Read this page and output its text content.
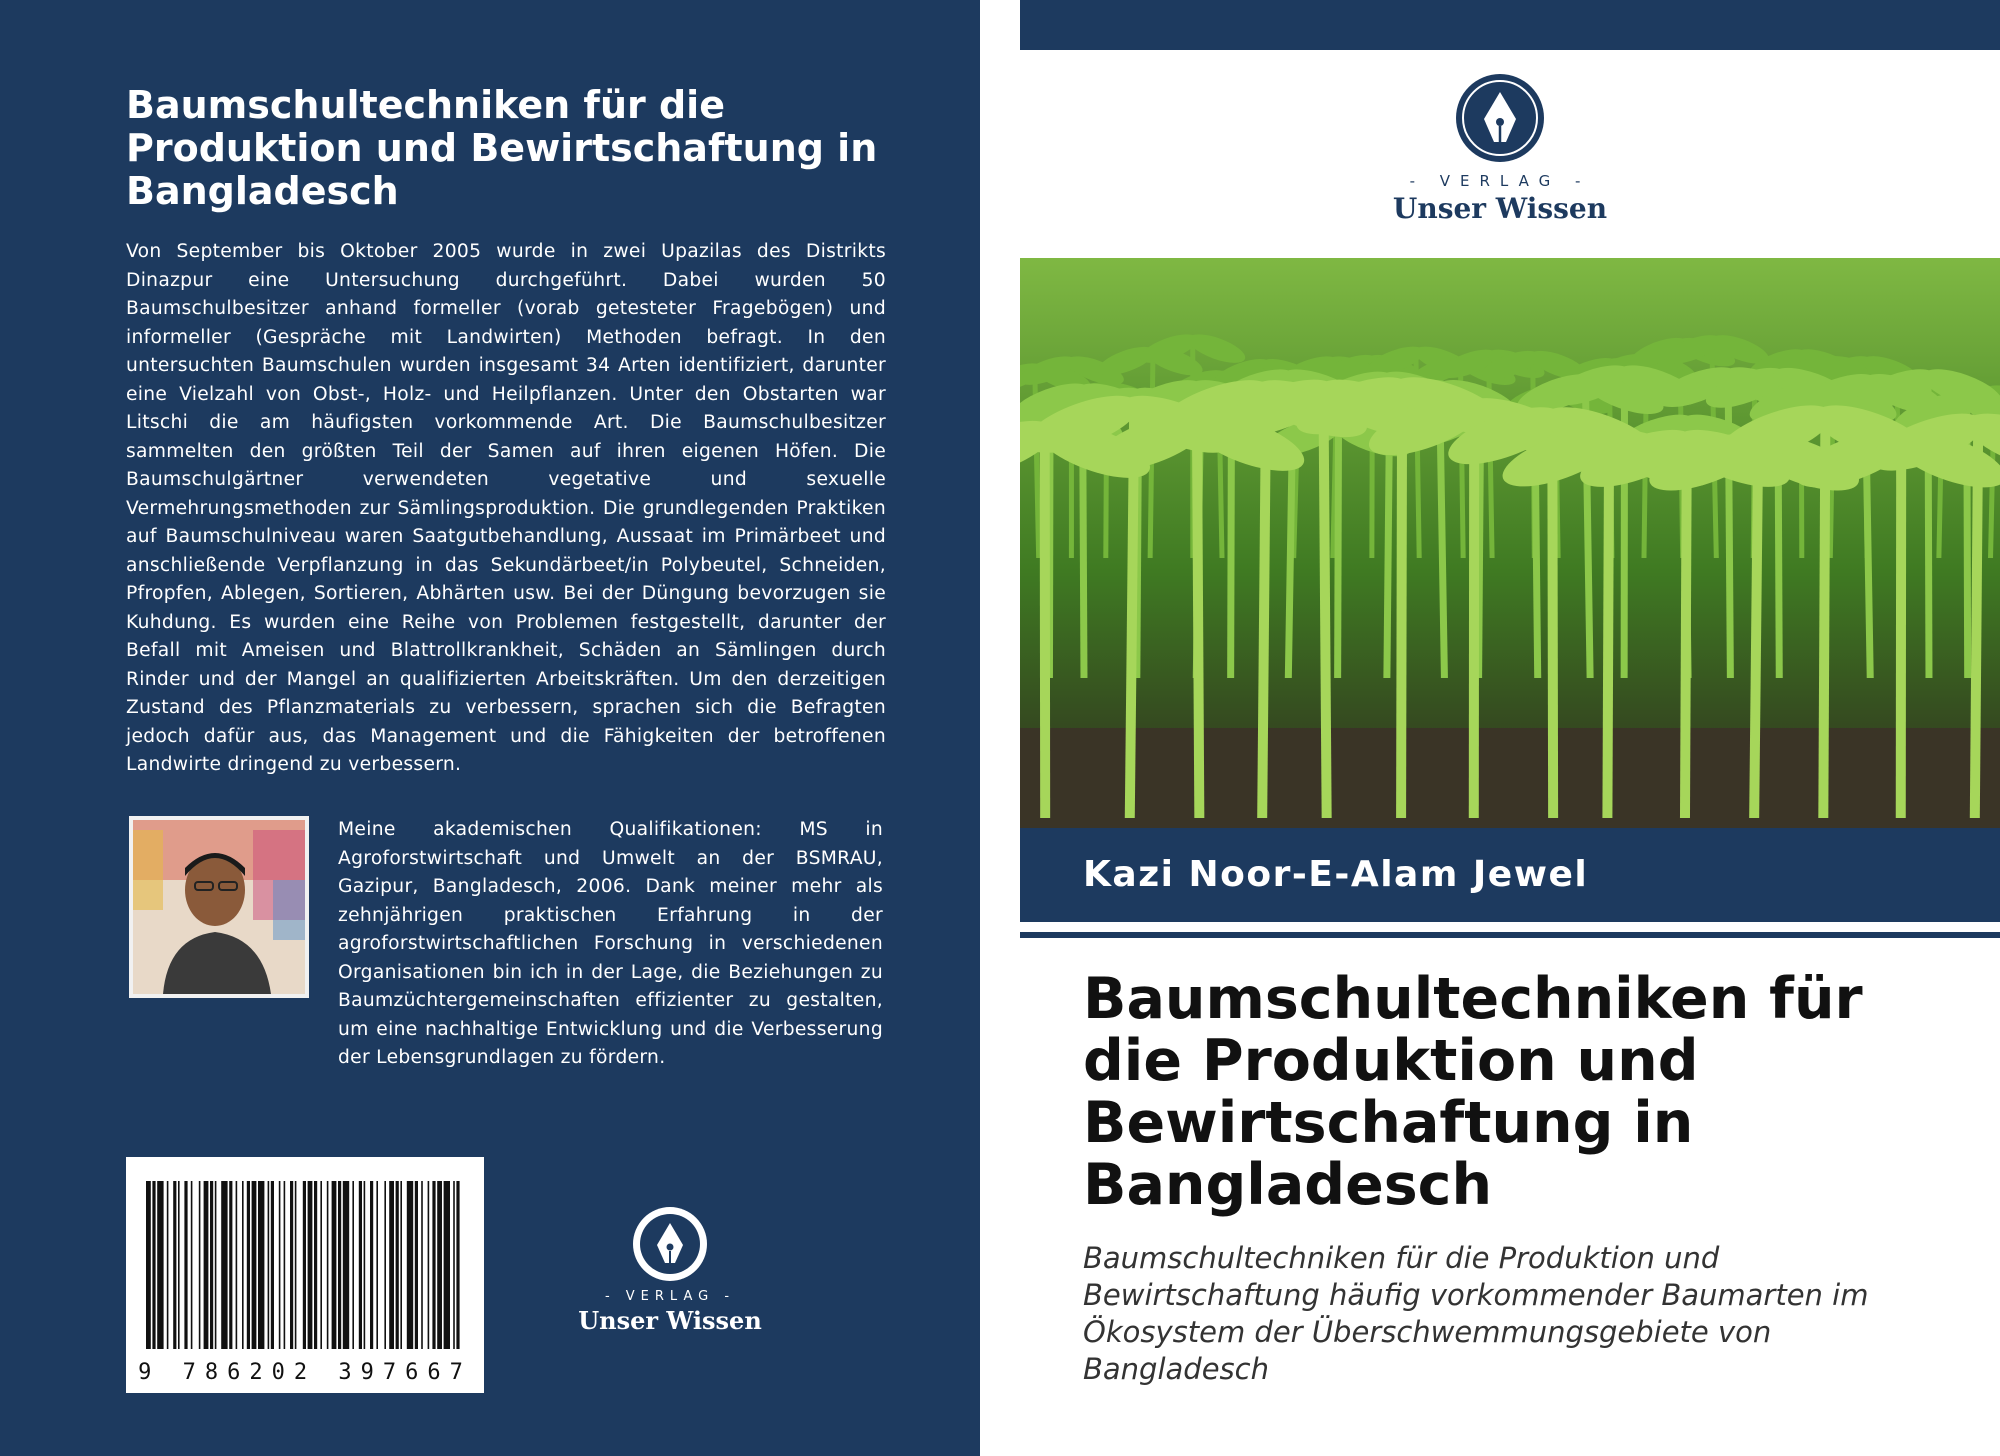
Baumschultechniken für die Produktion und Bewirtschaftung in Bangladesch
Von September bis Oktober 2005 wurde in zwei Upazilas des Distrikts Dinazpur eine Untersuchung durchgeführt. Dabei wurden 50 Baumschulbesitzer anhand formeller (vorab getesteter Fragebögen) und informeller (Gespräche mit Landwirten) Methoden befragt. In den untersuchten Baumschulen wurden insgesamt 34 Arten identifiziert, darunter eine Vielzahl von Obst-, Holz- und Heilpflanzen. Unter den Obstarten war Litschi die am häufigsten vorkommende Art. Die Baumschulbesitzer sammelten den größten Teil der Samen auf ihren eigenen Höfen. Die Baumschulgärtner verwendeten vegetative und sexuelle Vermehrungsmethoden zur Sämlingsproduktion. Die grundlegenden Praktiken auf Baumschulniveau waren Saatgutbehandlung, Aussaat im Primärbeet und anschließende Verpflanzung in das Sekundärbeet/in Polybeutel, Schneiden, Pfropfen, Ablegen, Sortieren, Abhärten usw. Bei der Düngung bevorzugen sie Kuhdung. Es wurden eine Reihe von Problemen festgestellt, darunter der Befall mit Ameisen und Blattrollkrankheit, Schäden an Sämlingen durch Rinder und der Mangel an qualifizierten Arbeitskräften. Um den derzeitigen Zustand des Pflanzmaterials zu verbessern, sprachen sich die Befragten jedoch dafür aus, das Management und die Fähigkeiten der betroffenen Landwirte dringend zu verbessern.
Meine akademischen Qualifikationen: MS in Agroforstwirtschaft und Umwelt an der BSMRAU, Gazipur, Bangladesch, 2006. Dank meiner mehr als zehnjährigen praktischen Erfahrung in der agroforstwirtschaftlichen Forschung in verschiedenen Organisationen bin ich in der Lage, die Beziehungen zu Baumzüchtergemeinschaften effizienter zu gestalten, um eine nachhaltige Entwicklung und die Verbesserung der Lebensgrundlagen zu fördern.
9 786202 397667
- VERLAG -
Unser Wissen
- VERLAG -
Unser Wissen
Kazi Noor-E-Alam Jewel
Baumschultechniken für die Produktion und Bewirtschaftung in Bangladesch
Baumschultechniken für die Produktion und Bewirtschaftung häufig vorkommender Baumarten im Ökosystem der Überschwemmungsgebiete von Bangladesch
